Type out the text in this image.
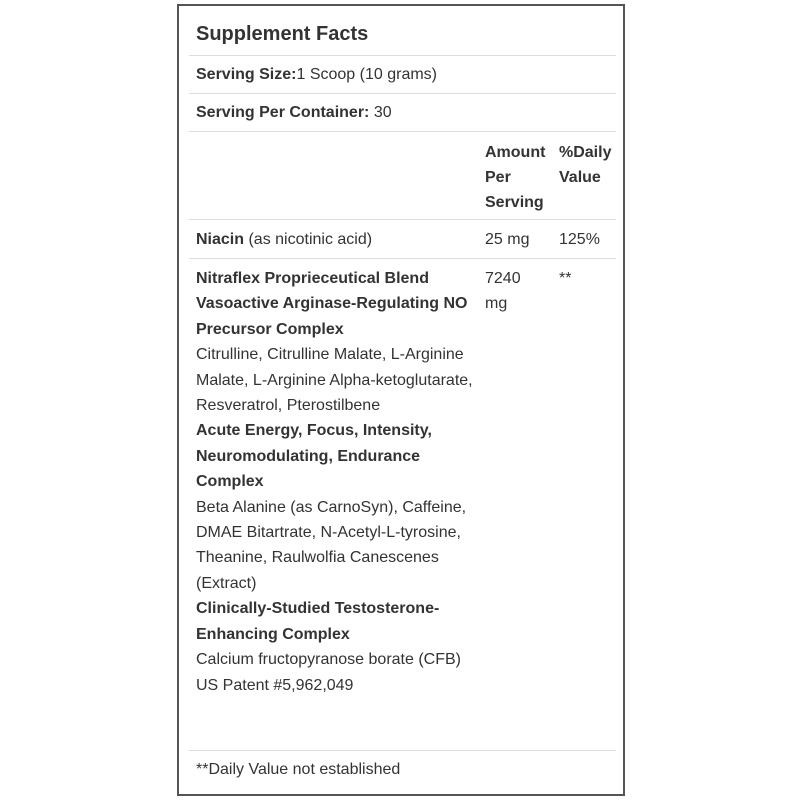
Supplement Facts
Serving Size:1 Scoop (10 grams)
Serving Per Container: 30
Amount
Per
Serving
%Daily
Value
Niacin (as nicotinic acid)	25 mg 125%
Nitraflex Proprieceutical Blend
Vasoactive Arginase-Regulating NO Precursor Complex
Citrulline, Citrulline Malate, L-Arginine Malate, L-Arginine Alpha-ketoglutarate, Resveratrol, Pterostilbene
Acute Energy, Focus, Intensity, Neuromodulating, Endurance Complex
Beta Alanine (as CarnoSyn), Caffeine, DMAE Bitartrate, N-Acetyl-L-tyrosine,
Theanine, Raulwolfia Canescenes (Extract)
Clinically-Studied Testosterone-Enhancing Complex
Calcium fructopyranose borate (CFB) US Patent #5,962,049
7240
mg
**
**Daily Value not established
